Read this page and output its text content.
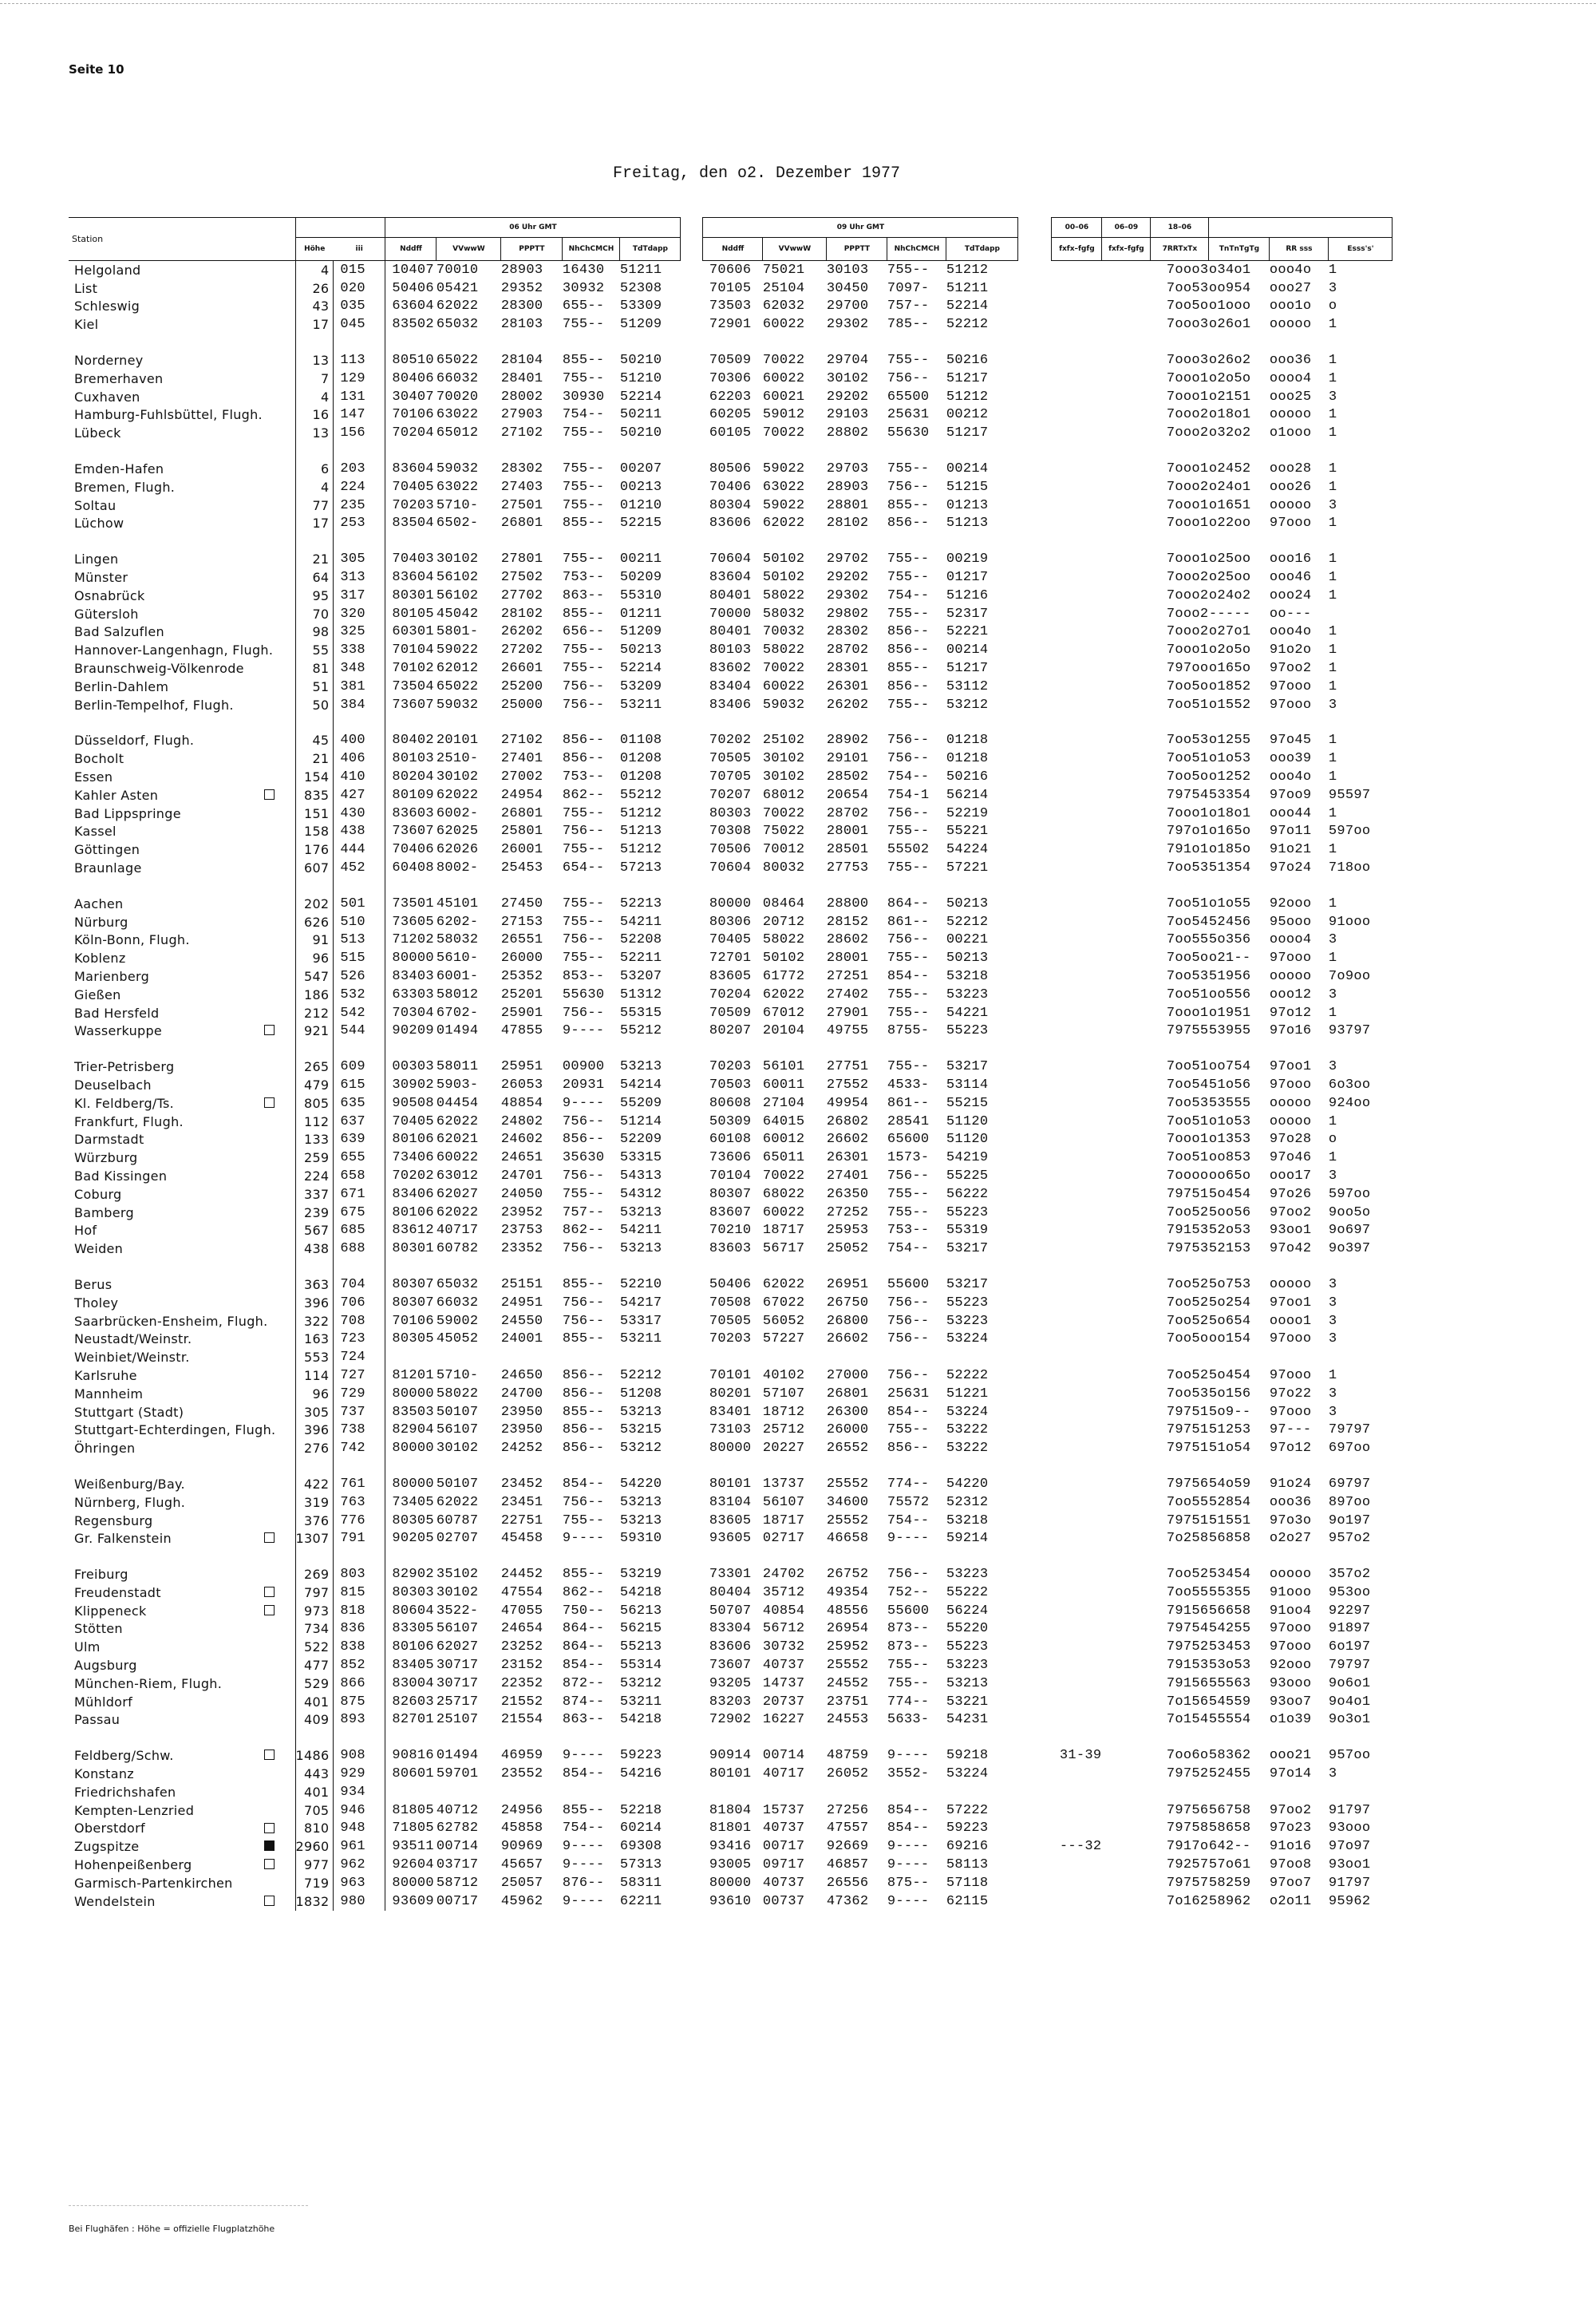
Seite 10
Freitag, den o2. Dezember 1977
Station			06 Uhr GMT						09 Uhr GMT						00–06	06–09	18–06			
	Höhe	iii	Nddff	VVwwW	PPPTT	NhChCMCH	TdTdapp		Nddff	VVwwW	PPPTT	NhChCMCH	TdTdapp		fxfx–fgfg	fxfx–fgfg	7RRTxTx	TnTnTgTg	RR sss	Esss's'
Helgoland	4	015	10407	70010	28903	16430	51211		70606	75021	30103	755--	51212				7ooo3	o34o1	ooo4o	1
List	26	020	50406	05421	29352	30932	52308		70105	25104	30450	7097-	51211				7oo53	oo954	ooo27	3
Schleswig	43	035	63604	62022	28300	655--	53309		73503	62032	29700	757--	52214				7oo5o	o1ooo	ooo1o	o
Kiel	17	045	83502	65032	28103	755--	51209		72901	60022	29302	785--	52212				7ooo3	o26o1	ooooo	1

Norderney	13	113	80510	65022	28104	855--	50210		70509	70022	29704	755--	50216				7ooo3	o26o2	ooo36	1
Bremerhaven	7	129	80406	66032	28401	755--	51210		70306	60022	30102	756--	51217				7ooo1	o2o5o	oooo4	1
Cuxhaven	4	131	30407	70020	28002	30930	52214		62203	60021	29202	65500	51212				7ooo1	o2151	ooo25	3
Hamburg-Fuhlsbüttel, Flugh.	16	147	70106	63022	27903	754--	50211		60205	59012	29103	25631	00212				7ooo2	o18o1	ooooo	1
Lübeck	13	156	70204	65012	27102	755--	50210		60105	70022	28802	55630	51217				7ooo2	o32o2	o1ooo	1

Emden-Hafen	6	203	83604	59032	28302	755--	00207		80506	59022	29703	755--	00214				7ooo1	o2452	ooo28	1
Bremen, Flugh.	4	224	70405	63022	27403	755--	00213		70406	63022	28903	756--	51215				7ooo2	o24o1	ooo26	1
Soltau	77	235	70203	5710-	27501	755--	01210		80304	59022	28801	855--	01213				7ooo1	o1651	ooooo	3
Lüchow	17	253	83504	6502-	26801	855--	52215		83606	62022	28102	856--	51213				7ooo1	o22oo	97ooo	1

Lingen	21	305	70403	30102	27801	755--	00211		70604	50102	29702	755--	00219				7ooo1	o25oo	ooo16	1
Münster	64	313	83604	56102	27502	753--	50209		83604	50102	29202	755--	01217				7ooo2	o25oo	ooo46	1
Osnabrück	95	317	80301	56102	27702	863--	55310		80401	58022	29302	754--	51216				7ooo2	o24o2	ooo24	1
Gütersloh	70	320	80105	45042	28102	855--	01211		70000	58032	29802	755--	52317				7ooo2	-----	oo---	
Bad Salzuflen	98	325	60301	5801-	26202	656--	51209		80401	70032	28302	856--	52221				7ooo2	o27o1	ooo4o	1
Hannover-Langenhagn, Flugh.	55	338	70104	59022	27202	755--	50213		80103	58022	28702	856--	00214				7ooo1	o2o5o	91o2o	1
Braunschweig-Völkenrode	81	348	70102	62012	26601	755--	52214		83602	70022	28301	855--	51217				797oo	o165o	97oo2	1
Berlin-Dahlem	51	381	73504	65022	25200	756--	53209		83404	60022	26301	856--	53112				7oo5o	o1852	97ooo	1
Berlin-Tempelhof, Flugh.	50	384	73607	59032	25000	756--	53211		83406	59032	26202	755--	53212				7oo51	o1552	97ooo	3

Düsseldorf, Flugh.	45	400	80402	20101	27102	856--	01108		70202	25102	28902	756--	01218				7oo53	o1255	97o45	1
Bocholt	21	406	80103	2510-	27401	856--	01208		70505	30102	29101	756--	01218				7oo51	o1o53	ooo39	1
Essen	154	410	80204	30102	27002	753--	01208		70705	30102	28502	754--	50216				7oo5o	o1252	ooo4o	1
Kahler Asten	835	427	80109	62022	24954	862--	55212		70207	68012	20654	754-1	56214				79754	53354	97oo9	95597
Bad Lippspringe	151	430	83603	6002-	26801	755--	51212		80303	70022	28702	756--	52219				7ooo1	o18o1	ooo44	1
Kassel	158	438	73607	62025	25801	756--	51213		70308	75022	28001	755--	55221				797o1	o165o	97o11	597oo
Göttingen	176	444	70406	62026	26001	755--	51212		70506	70012	28501	55502	54224				791o1	o185o	91o21	1
Braunlage	607	452	60408	8002-	25453	654--	57213		70604	80032	27753	755--	57221				7oo53	51354	97o24	718oo

Aachen	202	501	73501	45101	27450	755--	52213		80000	08464	28800	864--	50213				7oo51	o1o55	92ooo	1
Nürburg	626	510	73605	6202-	27153	755--	54211		80306	20712	28152	861--	52212				7oo54	52456	95ooo	91ooo
Köln-Bonn, Flugh.	91	513	71202	58032	26551	756--	52208		70405	58022	28602	756--	00221				7oo55	5o356	oooo4	3
Koblenz	96	515	80000	5610-	26000	755--	52211		72701	50102	28001	755--	50213				7oo5o	o21--	97ooo	1
Marienberg	547	526	83403	6001-	25352	853--	53207		83605	61772	27251	854--	53218				7oo53	51956	ooooo	7o9oo
Gießen	186	532	63303	58012	25201	55630	51312		70204	62022	27402	755--	53223				7oo51	oo556	ooo12	3
Bad Hersfeld	212	542	70304	6702-	25901	756--	55315		70509	67012	27901	755--	54221				7ooo1	o1951	97o12	1
Wasserkuppe	921	544	90209	01494	47855	9----	55212		80207	20104	49755	8755-	55223				79755	53955	97o16	93797

Trier-Petrisberg	265	609	00303	58011	25951	00900	53213		70203	56101	27751	755--	53217				7oo51	oo754	97oo1	3
Deuselbach	479	615	30902	5903-	26053	20931	54214		70503	60011	27552	4533-	53114				7oo54	51o56	97ooo	6o3oo
Kl. Feldberg/Ts.	805	635	90508	04454	48854	9----	55209		80608	27104	49954	861--	55215				7oo53	53555	ooooo	924oo
Frankfurt, Flugh.	112	637	70405	62022	24802	756--	51214		50309	64015	26802	28541	51120				7oo51	o1o53	ooooo	1
Darmstadt	133	639	80106	62021	24602	856--	52209		60108	60012	26602	65600	51120				7ooo1	o1353	97o28	o
Würzburg	259	655	73406	60022	24651	35630	53315		73606	65011	26301	1573-	54219				7oo51	oo853	97o46	1
Bad Kissingen	224	658	70202	63012	24701	756--	54313		70104	70022	27401	756--	55225				7oooo	oo65o	ooo17	3
Coburg	337	671	83406	62027	24050	755--	54312		80307	68022	26350	755--	56222				79751	5o454	97o26	597oo
Bamberg	239	675	80106	62022	23952	757--	53213		83607	60022	27252	755--	55223				7oo52	5oo56	97oo2	9oo5o
Hof	567	685	83612	40717	23753	862--	54211		70210	18717	25953	753--	55319				79153	52o53	93oo1	9o697
Weiden	438	688	80301	60782	23352	756--	53213		83603	56717	25052	754--	53217				79753	52153	97o42	9o397

Berus	363	704	80307	65032	25151	855--	52210		50406	62022	26951	55600	53217				7oo52	5o753	ooooo	3
Tholey	396	706	80307	66032	24951	756--	54217		70508	67022	26750	756--	55223				7oo52	5o254	97oo1	3
Saarbrücken-Ensheim, Flugh.	322	708	70106	59002	24550	756--	53317		70505	56052	26800	756--	53223				7oo52	5o654	oooo1	3
Neustadt/Weinstr.	163	723	80305	45052	24001	855--	53211		70203	57227	26602	756--	53224				7oo5o	oo154	97ooo	3
Weinbiet/Weinstr.	553	724																		
Karlsruhe	114	727	81201	5710-	24650	856--	52212		70101	40102	27000	756--	52222				7oo52	5o454	97ooo	1
Mannheim	96	729	80000	58022	24700	856--	51208		80201	57107	26801	25631	51221				7oo53	5o156	97o22	3
Stuttgart (Stadt)	305	737	83503	50107	23950	855--	53213		83401	18712	26300	854--	53224				79751	5o9--	97ooo	3
Stuttgart-Echterdingen, Flugh.	396	738	82904	56107	23950	856--	53215		73103	25712	26000	755--	53222				79751	51253	97---	79797
Öhringen	276	742	80000	30102	24252	856--	53212		80000	20227	26552	856--	53222				79751	51o54	97o12	697oo

Weißenburg/Bay.	422	761	80000	50107	23452	854--	54220		80101	13737	25552	774--	54220				79756	54o59	91o24	69797
Nürnberg, Flugh.	319	763	73405	62022	23451	756--	53213		83104	56107	34600	75572	52312				7oo55	52854	ooo36	897oo
Regensburg	376	776	80305	60787	22751	755--	53213		83605	18717	25552	754--	53218				79751	51551	97o3o	9o197
Gr. Falkenstein	1307	791	90205	02707	45458	9----	59310		93605	02717	46658	9----	59214				7o258	56858	o2o27	957o2

Freiburg	269	803	82902	35102	24452	855--	53219		73301	24702	26752	756--	53223				7oo52	53454	ooooo	357o2
Freudenstadt	797	815	80303	30102	47554	862--	54218		80404	35712	49354	752--	55222				7oo55	55355	91ooo	953oo
Klippeneck	973	818	80604	3522-	47055	750--	56213		50707	40854	48556	55600	56224				79156	56658	91oo4	92297
Stötten	734	836	83305	56107	24654	864--	56215		83304	56712	26954	873--	55220				79754	54255	97ooo	91897
Ulm	522	838	80106	62027	23252	864--	55213		83606	30732	25952	873--	55223				79752	53453	97ooo	6o197
Augsburg	477	852	83405	30717	23152	854--	55314		73607	40737	25552	755--	53223				79153	53o53	92ooo	79797
München-Riem, Flugh.	529	866	83004	30717	22352	872--	53212		93205	14737	24552	755--	53213				79156	55563	93ooo	9o6o1
Mühldorf	401	875	82603	25717	21552	874--	53211		83203	20737	23751	774--	53221				7o156	54559	93oo7	9o4o1
Passau	409	893	82701	25107	21554	863--	54218		72902	16227	24553	5633-	54231				7o154	55554	o1o39	9o3o1

Feldberg/Schw.	1486	908	90816	01494	46959	9----	59223		90914	00714	48759	9----	59218		31-39		7oo6o	58362	ooo21	957oo
Konstanz	443	929	80601	59701	23552	854--	54216		80101	40717	26052	3552-	53224				79752	52455	97o14	3
Friedrichshafen	401	934																		
Kempten-Lenzried	705	946	81805	40712	24956	855--	52218		81804	15737	27256	854--	57222				79756	56758	97oo2	91797
Oberstdorf	810	948	71805	62782	45858	754--	60214		81801	40737	47557	854--	59223				79758	58658	97o23	93ooo
Zugspitze	2960	961	93511	00714	90969	9----	69308		93416	00717	92669	9----	69216		---32		7917o	642--	91o16	97o97
Hohenpeißenberg	977	962	92604	03717	45657	9----	57313		93005	09717	46857	9----	58113				79257	57o61	97oo8	93oo1
Garmisch-Partenkirchen	719	963	80000	58712	25057	876--	58311		80000	40737	26556	875--	57118				79757	58259	97oo7	91797
Wendelstein	1832	980	93609	00717	45962	9----	62211		93610	00737	47362	9----	62115				7o162	58962	o2o11	95962
Bei Flughäfen : Höhe = offizielle Flugplatzhöhe
